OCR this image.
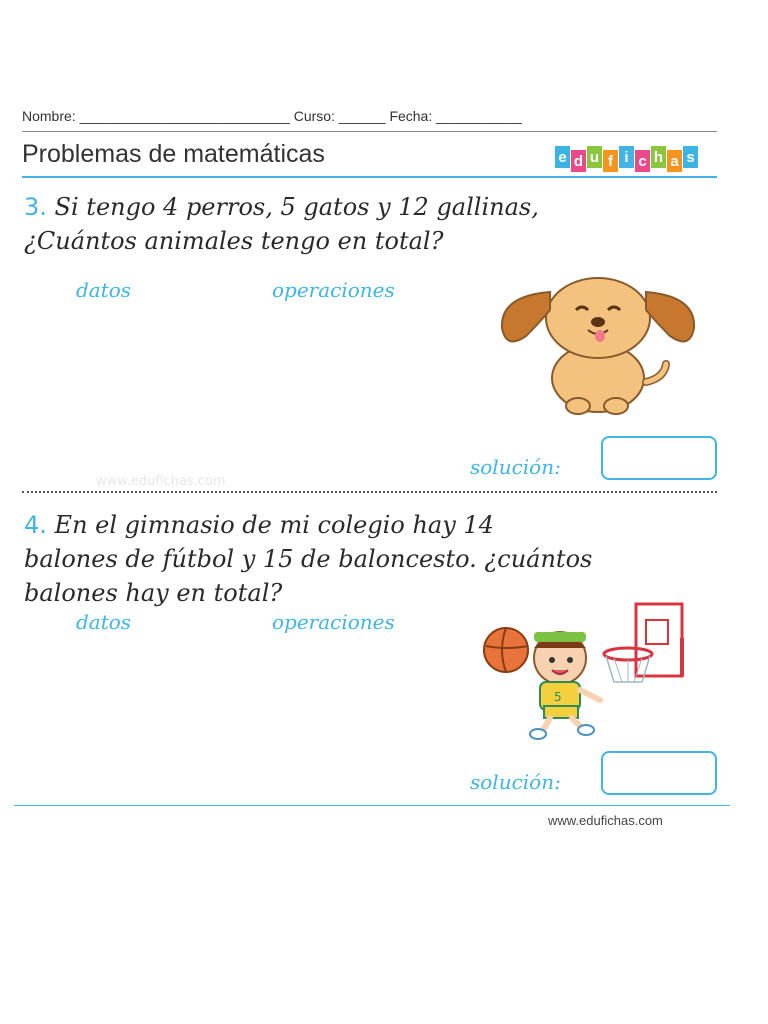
Nombre: ___________________________ Curso: ______ Fecha: ___________
Problemas de matemáticas	e d u f i c h a s
3. Si tengo 4 perros, 5 gatos y 12 gallinas,
¿Cuántos animales tengo en total?
datos	operaciones
solución:
www.edufichas.com
4. En el gimnasio de mi colegio hay 14
balones de fútbol y 15 de baloncesto. ¿cuántos
balones hay en total?
datos	operaciones
5
solución:
www.edufichas.com
